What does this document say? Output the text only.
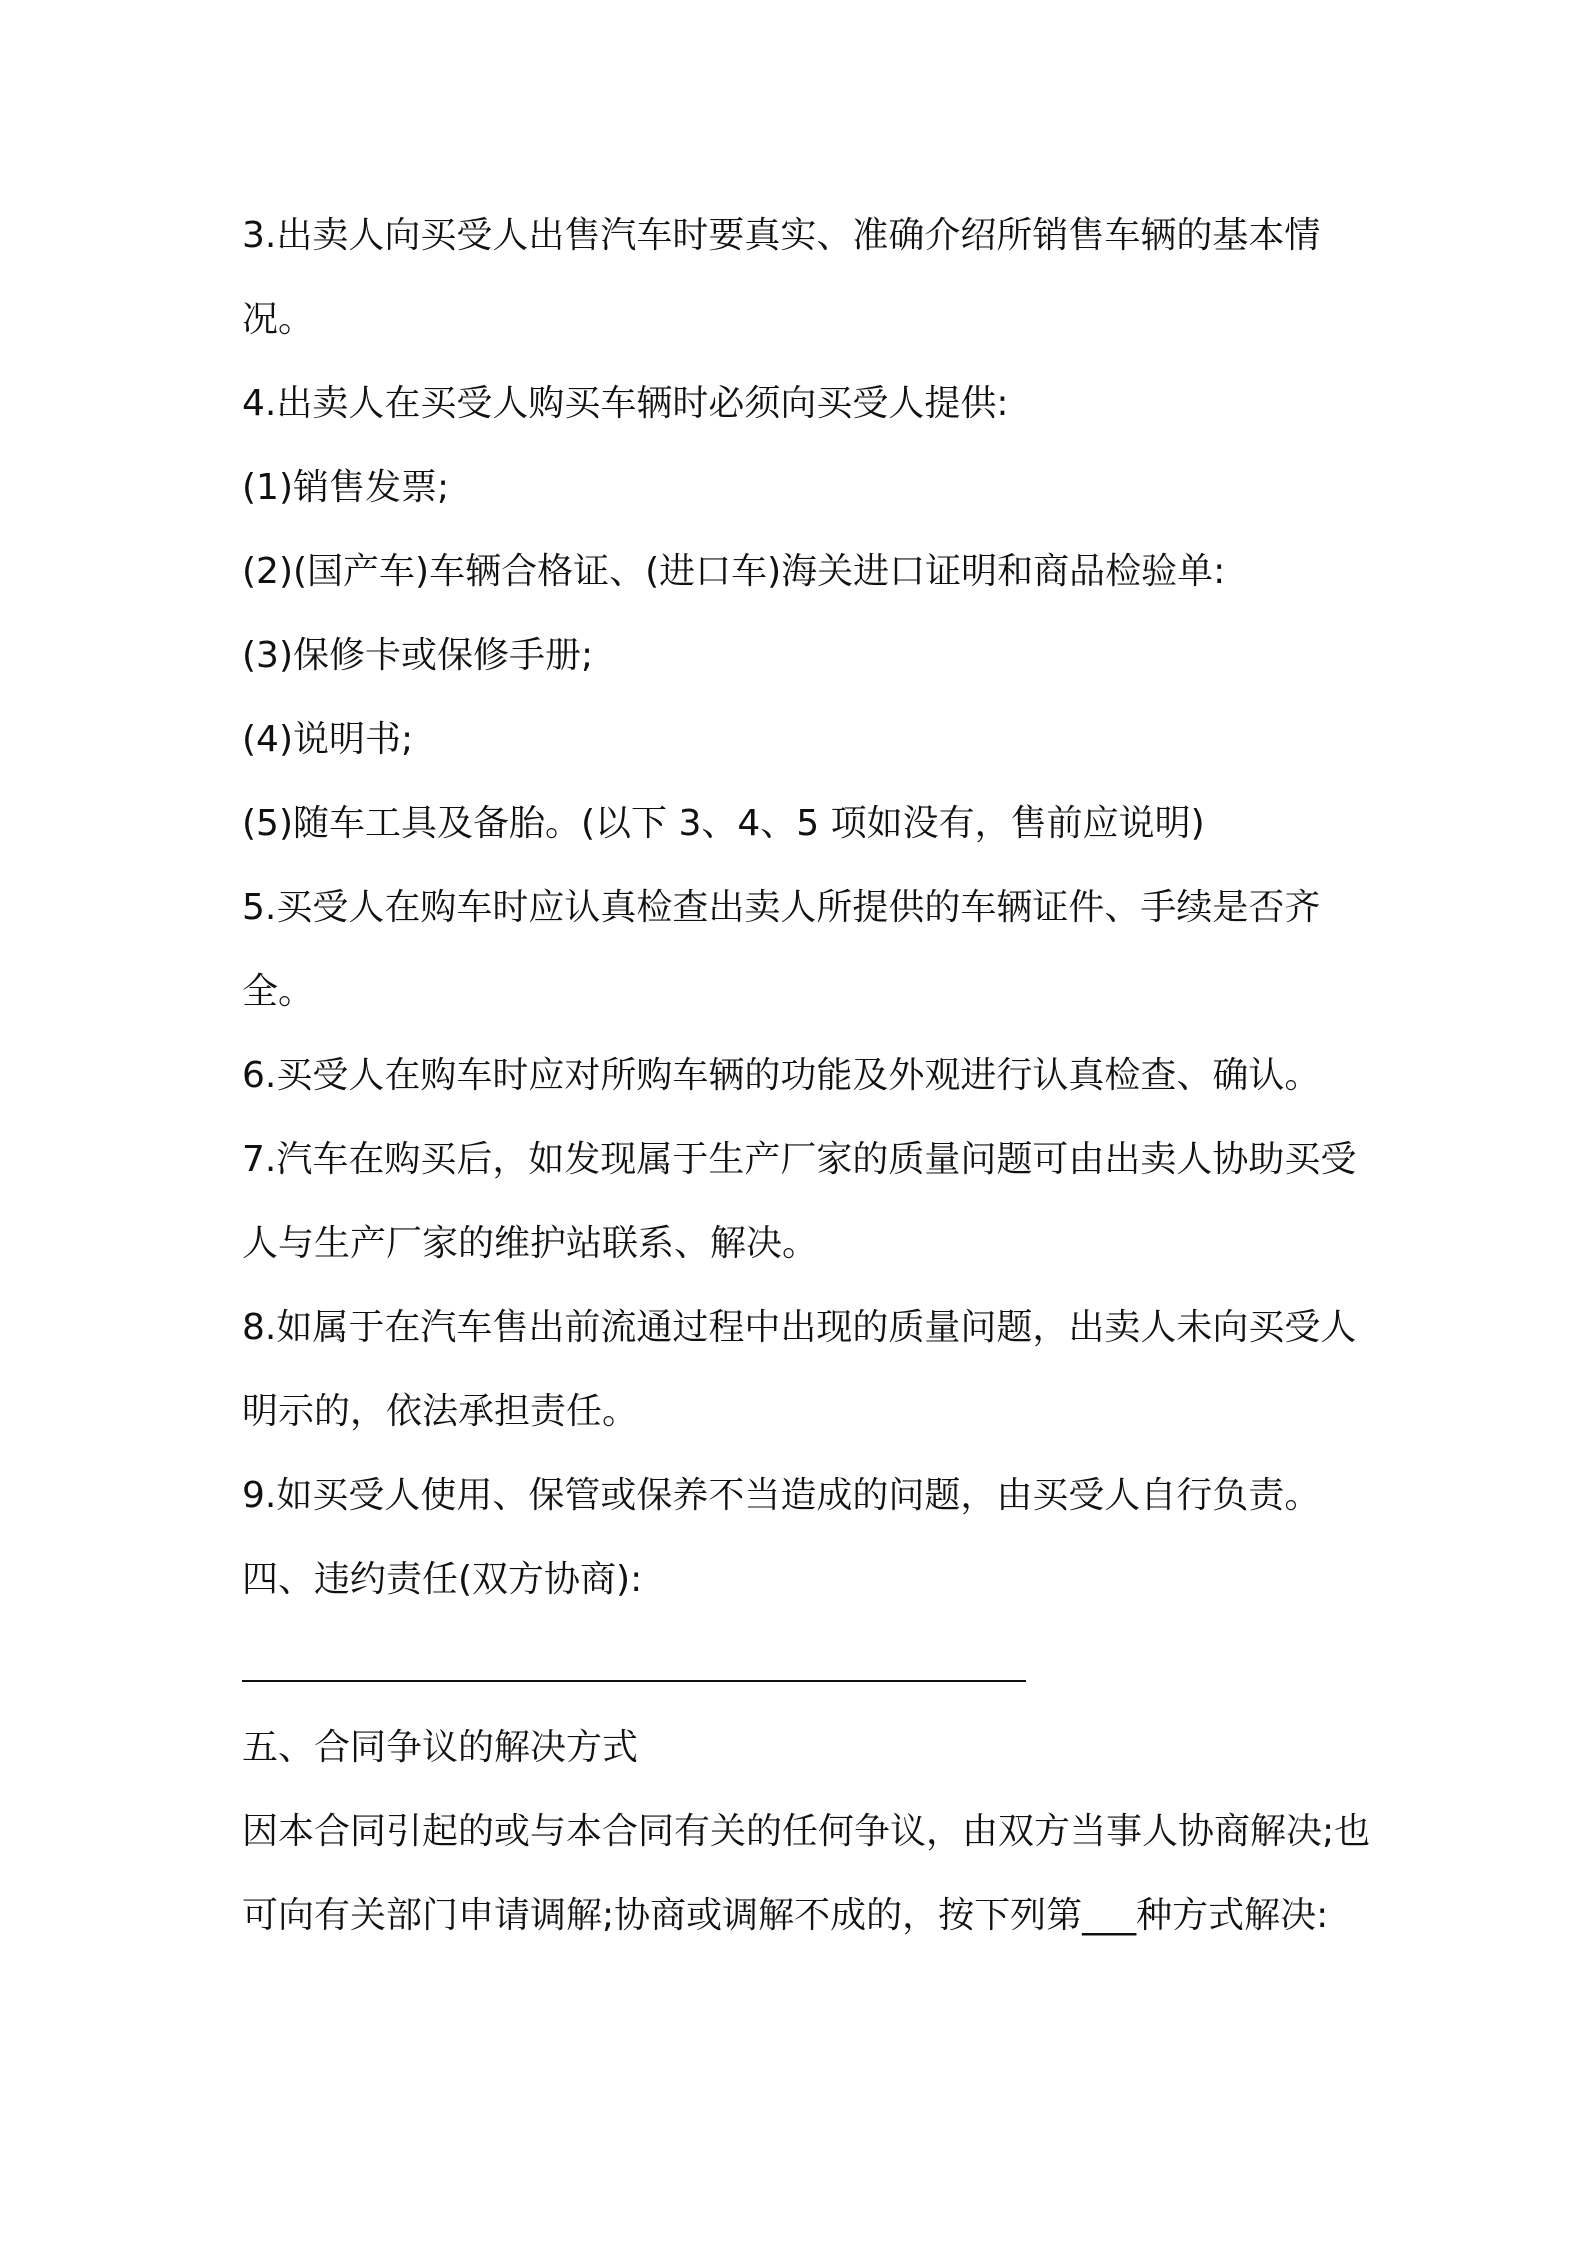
3.出卖人向买受人出售汽车时要真实、准确介绍所销售车辆的基本情况。

4.出卖人在买受人购买车辆时必须向买受人提供:

(1)销售发票;

(2)(国产车)车辆合格证、(进口车)海关进口证明和商品检验单:

(3)保修卡或保修手册;

(4)说明书;

(5)随车工具及备胎。(以下 3、4、5 项如没有，售前应说明)

5.买受人在购车时应认真检查出卖人所提供的车辆证件、手续是否齐全。

6.买受人在购车时应对所购车辆的功能及外观进行认真检查、确认。

7.汽车在购买后，如发现属于生产厂家的质量问题可由出卖人协助买受人与生产厂家的维护站联系、解决。

8.如属于在汽车售出前流通过程中出现的质量问题，出卖人未向买受人明示的，依法承担责任。

9.如买受人使用、保管或保养不当造成的问题，由买受人自行负责。

四、违约责任(双方协商):

五、合同争议的解决方式

因本合同引起的或与本合同有关的任何争议，由双方当事人协商解决;也可向有关部门申请调解;协商或调解不成的，按下列第___种方式解决:
